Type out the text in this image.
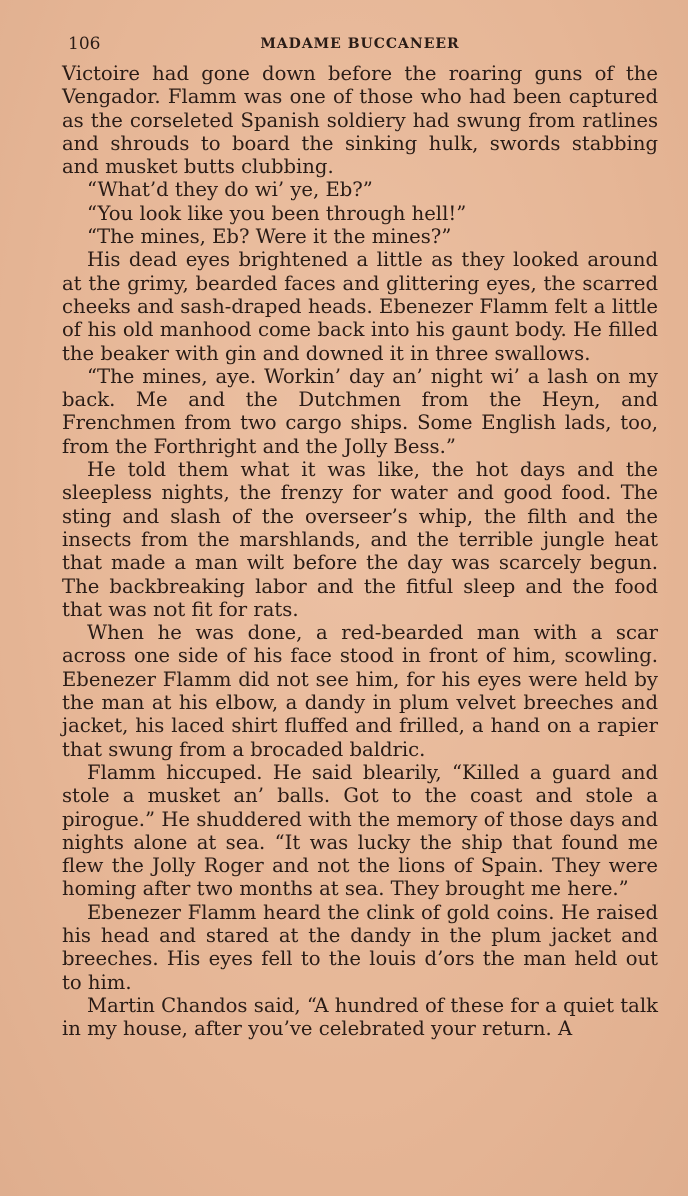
106	MADAME BUCCANEER

Victoire had gone down before the roaring guns of the Vengador. Flamm was one of those who had been captured as the corseleted Spanish soldiery had swung from ratlines and shrouds to board the sinking hulk, swords stabbing and musket butts clubbing.

“What’d they do wi’ ye, Eb?”

“You look like you been through hell!”

“The mines, Eb? Were it the mines?”

His dead eyes brightened a little as they looked around at the grimy, bearded faces and glittering eyes, the scarred cheeks and sash-draped heads. Ebenezer Flamm felt a little of his old manhood come back into his gaunt body. He filled the beaker with gin and downed it in three swallows.

“The mines, aye. Workin’ day an’ night wi’ a lash on my back. Me and the Dutchmen from the Heyn, and Frenchmen from two cargo ships. Some English lads, too, from the Forthright and the Jolly Bess.”

He told them what it was like, the hot days and the sleepless nights, the frenzy for water and good food. The sting and slash of the overseer’s whip, the filth and the insects from the marshlands, and the terrible jungle heat that made a man wilt before the day was scarcely begun. The backbreaking labor and the fitful sleep and the food that was not fit for rats.

When he was done, a red-bearded man with a scar across one side of his face stood in front of him, scowling. Ebenezer Flamm did not see him, for his eyes were held by the man at his elbow, a dandy in plum velvet breeches and jacket, his laced shirt fluffed and frilled, a hand on a rapier that swung from a brocaded baldric.

Flamm hiccuped. He said blearily, “Killed a guard and stole a musket an’ balls. Got to the coast and stole a pirogue.” He shuddered with the memory of those days and nights alone at sea. “It was lucky the ship that found me flew the Jolly Roger and not the lions of Spain. They were homing after two months at sea. They brought me here.”

Ebenezer Flamm heard the clink of gold coins. He raised his head and stared at the dandy in the plum jacket and breeches. His eyes fell to the louis d’ors the man held out to him.

Martin Chandos said, “A hundred of these for a quiet talk in my house, after you’ve celebrated your return. A
